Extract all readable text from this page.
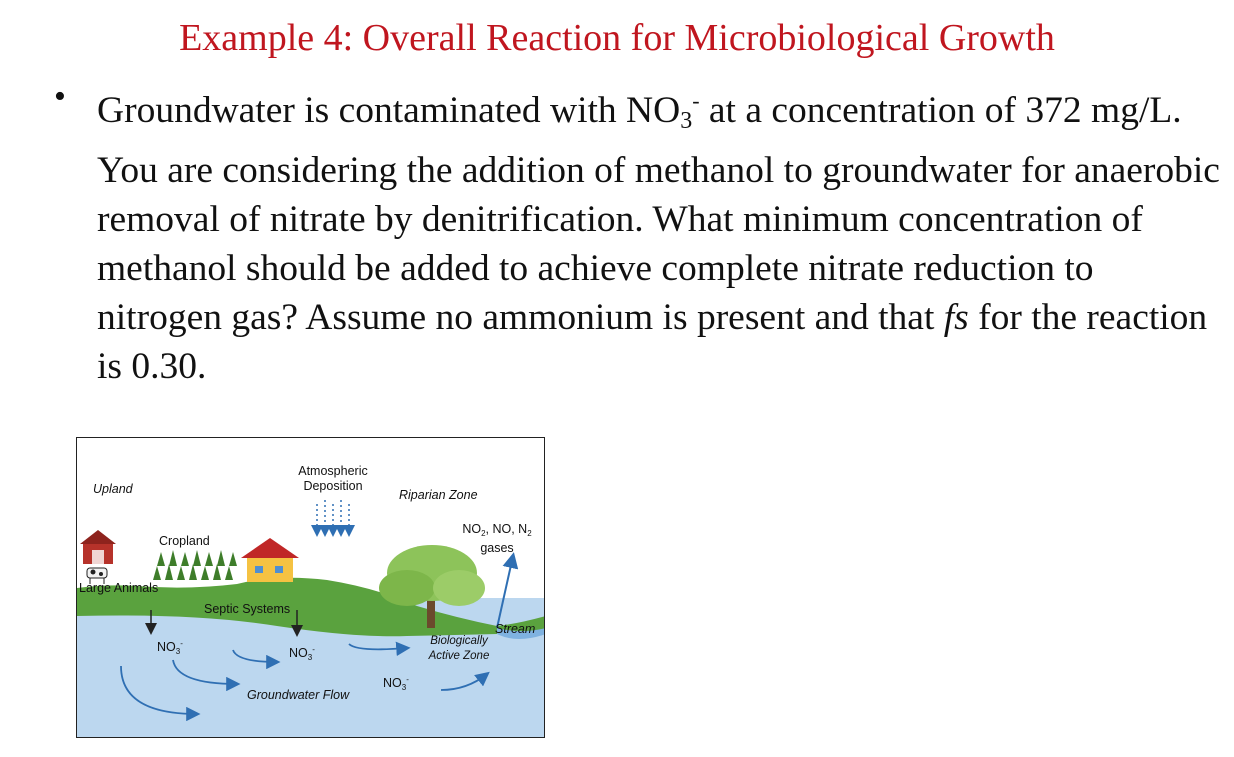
Example 4: Overall Reaction for Microbiological Growth
• Groundwater is contaminated with $NO_3^-$ at a concentration of 372 mg/L. You are considering the addition of methanol to groundwater for anaerobic removal of nitrate by denitrification. What minimum concentration of methanol should be added to achieve complete nitrate reduction to nitrogen gas? Assume no ammonium is present and that fs for the reaction is 0.30.
Upland
Atmospheric
Deposition
Riparian Zone
Cropland
Large Animals
Septic Systems
$NO_2$, NO, $N_2$
gases
Stream
Biologically
Active Zone
Groundwater Flow
$NO_3^-$
$NO_3^-$
$NO_3^-$
